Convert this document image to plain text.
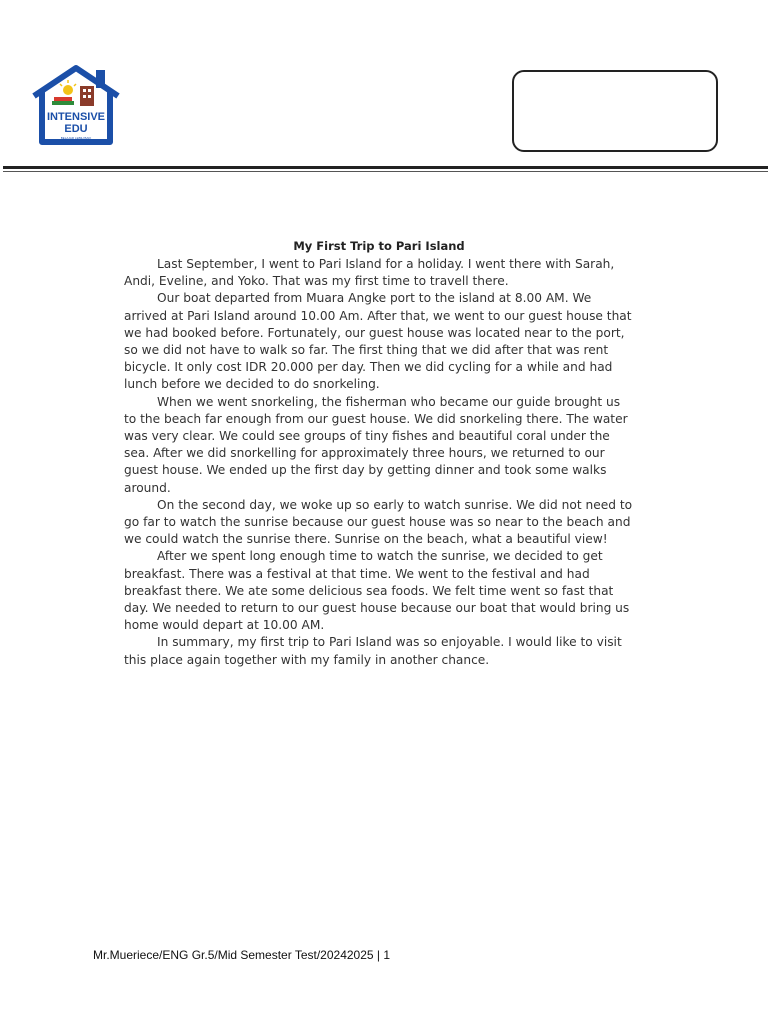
INTENSIVE
EDU
BELAJAR LEBIH BAIK
My First Trip to Pari Island

Last September, I went to Pari Island for a holiday. I went there with Sarah, Andi, Eveline, and Yoko. That was my first time to travell there.

Our boat departed from Muara Angke port to the island at 8.00 AM. We arrived at Pari Island around 10.00 Am. After that, we went to our guest house that we had booked before. Fortunately, our guest house was located near to the port, so we did not have to walk so far. The first thing that we did after that was rent bicycle. It only cost IDR 20.000 per day. Then we did cycling for a while and had lunch before we decided to do snorkeling.

When we went snorkeling, the fisherman who became our guide brought us to the beach far enough from our guest house. We did snorkeling there. The water was very clear. We could see groups of tiny fishes and beautiful coral under the sea. After we did snorkelling for approximately three hours, we returned to our guest house. We ended up the first day by getting dinner and took some walks around.

On the second day, we woke up so early to watch sunrise. We did not need to go far to watch the sunrise because our guest house was so near to the beach and we could watch the sunrise there. Sunrise on the beach, what a beautiful view!

After we spent long enough time to watch the sunrise, we decided to get breakfast. There was a festival at that time. We went to the festival and had breakfast there. We ate some delicious sea foods. We felt time went so fast that day. We needed to return to our guest house because our boat that would bring us home would depart at 10.00 AM.

In summary, my first trip to Pari Island was so enjoyable. I would like to visit this place again together with my family in another chance.

Mr.Mueriece/ENG Gr.5/Mid Semester Test/20242025 | 1
